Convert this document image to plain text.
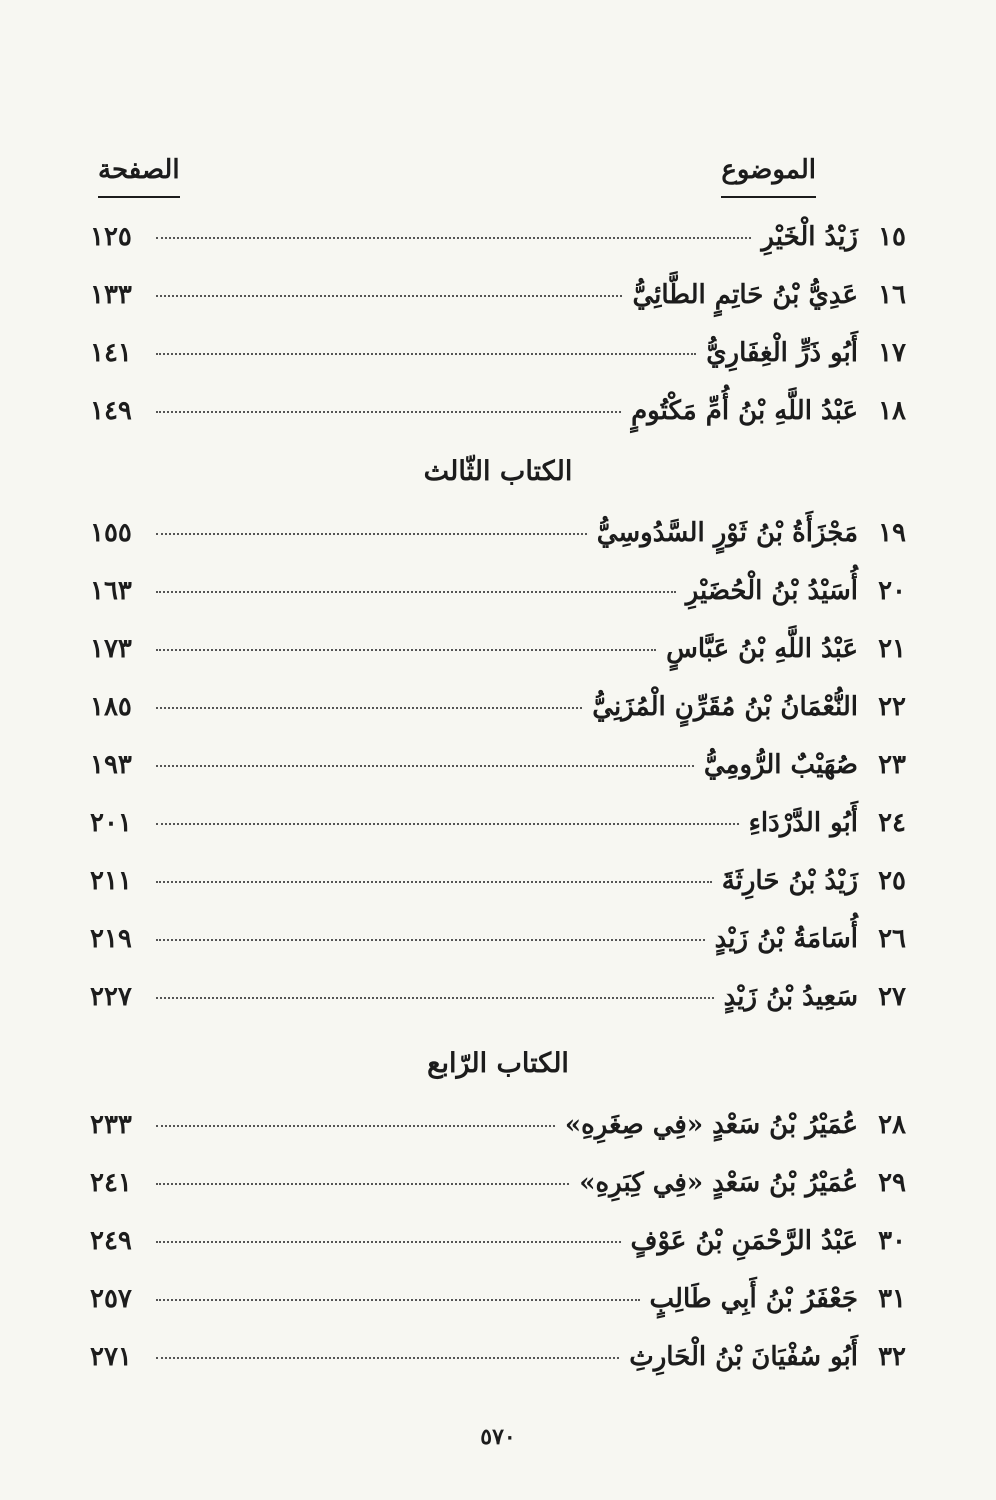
الموضوع
الصفحة
١٥
زَيْدُ الْخَيْرِ
١٢٥
١٦
عَدِيُّ بْنُ حَاتِمٍ الطَّائِيُّ
١٣٣
١٧
أَبُو ذَرٍّ الْغِفَارِيُّ
١٤١
١٨
عَبْدُ اللَّهِ بْنُ أُمِّ مَكْتُومٍ
١٤٩
الكتاب الثّالث
١٩
مَجْزَأَةُ بْنُ ثَوْرٍ السَّدُوسِيُّ
١٥٥
٢٠
أُسَيْدُ بْنُ الْحُضَيْرِ
١٦٣
٢١
عَبْدُ اللَّهِ بْنُ عَبَّاسٍ
١٧٣
٢٢
النُّعْمَانُ بْنُ مُقَرِّنٍ الْمُزَنِيُّ
١٨٥
٢٣
صُهَيْبٌ الرُّومِيُّ
١٩٣
٢٤
أَبُو الدَّرْدَاءِ
٢٠١
٢٥
زَيْدُ بْنُ حَارِثَةَ
٢١١
٢٦
أُسَامَةُ بْنُ زَيْدٍ
٢١٩
٢٧
سَعِيدُ بْنُ زَيْدٍ
٢٢٧
الكتاب الرّابع
٢٨
عُمَيْرُ بْنُ سَعْدٍ «فِي صِغَرِهِ»
٢٣٣
٢٩
عُمَيْرُ بْنُ سَعْدٍ «فِي كِبَرِهِ»
٢٤١
٣٠
عَبْدُ الرَّحْمَنِ بْنُ عَوْفٍ
٢٤٩
٣١
جَعْفَرُ بْنُ أَبِي طَالِبٍ
٢٥٧
٣٢
أَبُو سُفْيَانَ بْنُ الْحَارِثِ
٢٧١
٥٧٠
